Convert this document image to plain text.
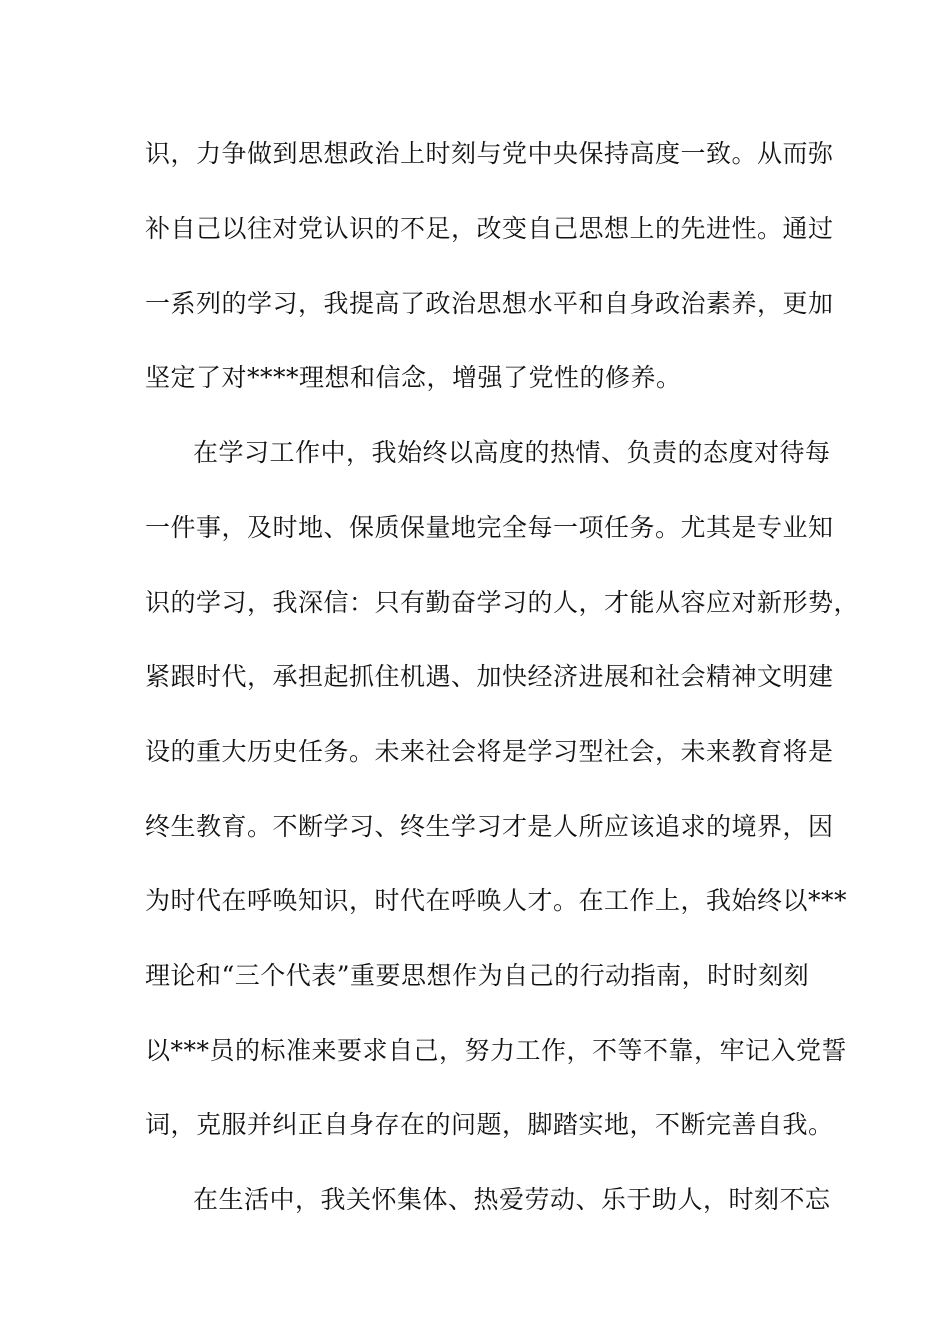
识，力争做到思想政治上时刻与党中央保持高度一致。从而弥
补自己以往对党认识的不足，改变自己思想上的先进性。通过
一系列的学习，我提高了政治思想水平和自身政治素养，更加
坚定了对****理想和信念，增强了党性的修养。
在学习工作中，我始终以高度的热情、负责的态度对待每
一件事，及时地、保质保量地完全每一项任务。尤其是专业知
识的学习，我深信：只有勤奋学习的人，才能从容应对新形势，
紧跟时代，承担起抓住机遇、加快经济进展和社会精神文明建
设的重大历史任务。未来社会将是学习型社会，未来教育将是
终生教育。不断学习、终生学习才是人所应该追求的境界，因
为时代在呼唤知识，时代在呼唤人才。在工作上，我始终以***
理论和“三个代表”重要思想作为自己的行动指南，时时刻刻
以***员的标准来要求自己，努力工作，不等不靠，牢记入党誓
词，克服并纠正自身存在的问题，脚踏实地，不断完善自我。
在生活中，我关怀集体、热爱劳动、乐于助人，时刻不忘
